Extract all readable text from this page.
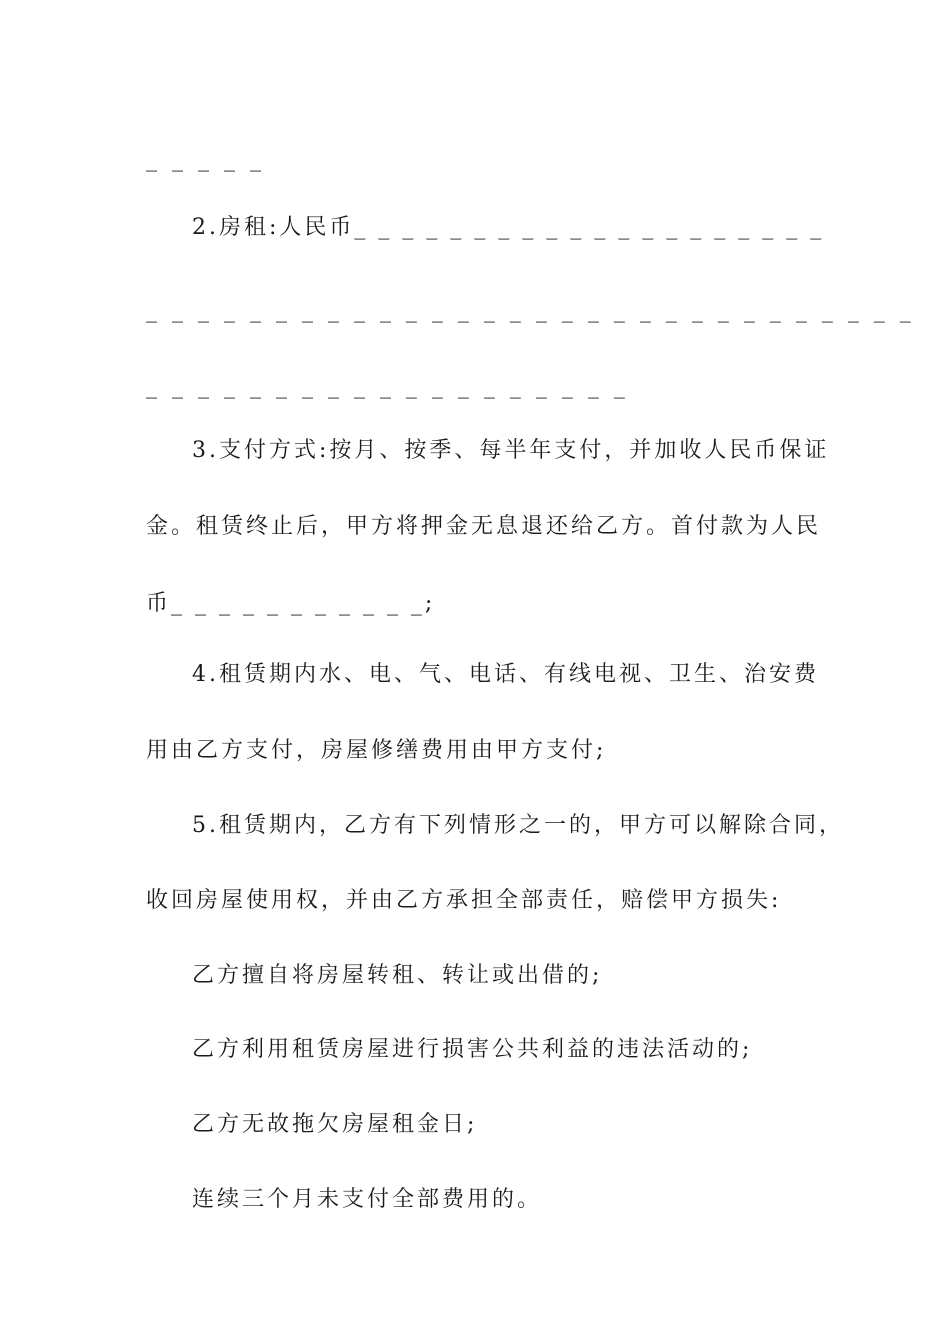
_ _ _ _ _
2.房租:人民币_ _ _ _ _ _ _ _ _ _ _ _ _ _ _ _ _ _ _ _
_ _ _ _ _ _ _ _ _ _ _ _ _ _ _ _ _ _ _ _ _ _ _ _ _ _ _ _ _ _
_ _ _ _ _ _ _ _ _ _ _ _ _ _ _ _ _ _ _
3.支付方式:按月、按季、每半年支付，并加收人民币保证
金。租赁终止后，甲方将押金无息退还给乙方。首付款为人民
币_ _ _ _ _ _ _ _ _ _ _;
4.租赁期内水、电、气、电话、有线电视、卫生、治安费
用由乙方支付，房屋修缮费用由甲方支付;
5.租赁期内，乙方有下列情形之一的，甲方可以解除合同，
收回房屋使用权，并由乙方承担全部责任，赔偿甲方损失:
乙方擅自将房屋转租、转让或出借的;
乙方利用租赁房屋进行损害公共利益的违法活动的;
乙方无故拖欠房屋租金日;
连续三个月未支付全部费用的。
